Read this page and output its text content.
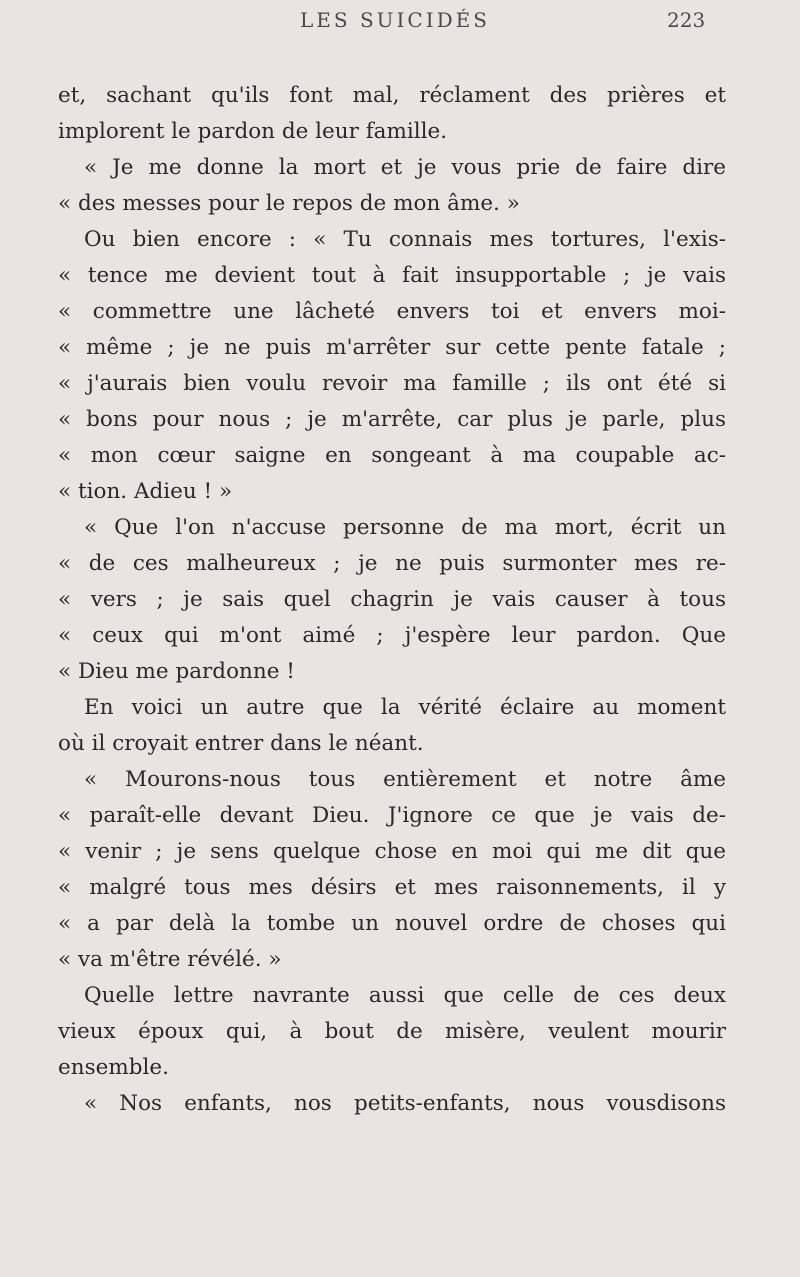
LES SUICIDÉS	223
et, sachant qu'ils font mal, réclament des prières et
implorent le pardon de leur famille.
« Je me donne la mort et je vous prie de faire dire
« des messes pour le repos de mon âme. »
Ou bien encore : « Tu connais mes tortures, l'exis-
« tence me devient tout à fait insupportable ; je vais
« commettre une lâcheté envers toi et envers moi-
« même ; je ne puis m'arrêter sur cette pente fatale ;
« j'aurais bien voulu revoir ma famille ; ils ont été si
« bons pour nous ; je m'arrête, car plus je parle, plus
« mon cœur saigne en songeant à ma coupable ac-
« tion. Adieu ! »
« Que l'on n'accuse personne de ma mort, écrit un
« de ces malheureux ; je ne puis surmonter mes re-
« vers ; je sais quel chagrin je vais causer à tous
« ceux qui m'ont aimé ; j'espère leur pardon. Que
« Dieu me pardonne !
En voici un autre que la vérité éclaire au moment
où il croyait entrer dans le néant.
« Mourons-nous tous entièrement et notre âme
« paraît-elle devant Dieu. J'ignore ce que je vais de-
« venir ; je sens quelque chose en moi qui me dit que
« malgré tous mes désirs et mes raisonnements, il y
« a par delà la tombe un nouvel ordre de choses qui
« va m'être révélé. »
Quelle lettre navrante aussi que celle de ces deux
vieux époux qui, à bout de misère, veulent mourir
ensemble.
« Nos enfants, nos petits-enfants, nous vousdisons
